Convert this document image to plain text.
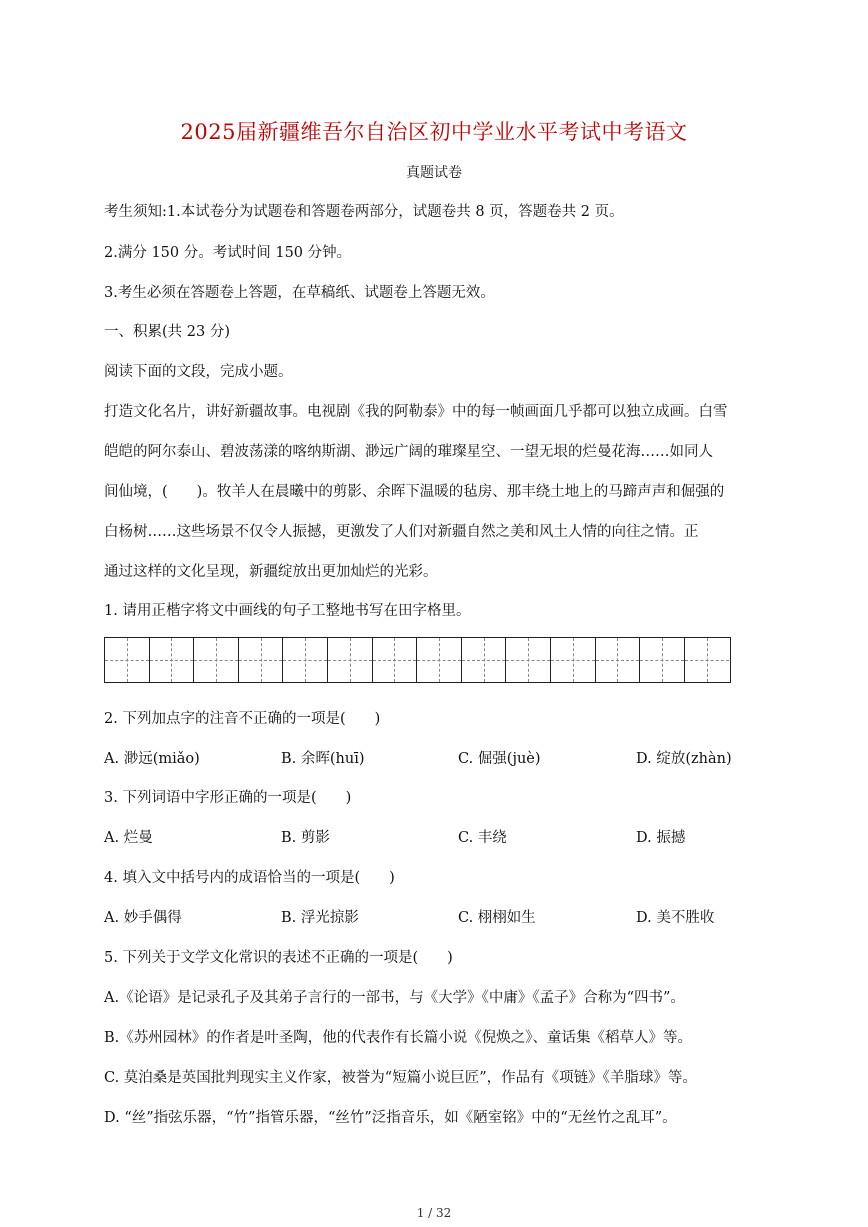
2025届新疆维吾尔自治区初中学业水平考试中考语文
真题试卷
考生须知:1.本试卷分为试题卷和答题卷两部分，试题卷共 8 页，答题卷共 2 页。
2.满分 150 分。考试时间 150 分钟。
3.考生必须在答题卷上答题，在草稿纸、试题卷上答题无效。
一、积累(共 23 分)
阅读下面的文段，完成小题。
打造文化名片，讲好新疆故事。电视剧《我的阿勒泰》中的每一帧画面几乎都可以独立成画。白雪
皑皑的阿尔泰山、碧波荡漾的喀纳斯湖、渺远广阔的璀璨星空、一望无垠的烂曼花海……如同人
间仙境，(　　)。牧羊人在晨曦中的剪影、余晖下温暖的毡房、那丰绕土地上的马蹄声声和倔强的
白杨树……这些场景不仅令人振撼，更激发了人们对新疆自然之美和风土人情的向往之情。正
通过这样的文化呈现，新疆绽放出更加灿烂的光彩。
1. 请用正楷字将文中画线的句子工整地书写在田字格里。
2. 下列加点字的注音不正确的一项是(　　)
A. 渺远(miǎo)	B. 余晖(huī)	C. 倔强(juè)	D. 绽放(zhàn)
3. 下列词语中字形正确的一项是(　　)
A. 烂曼	B. 剪影	C. 丰绕	D. 振撼
4. 填入文中括号内的成语恰当的一项是(　　)
A. 妙手偶得	B. 浮光掠影	C. 栩栩如生	D. 美不胜收
5. 下列关于文学文化常识的表述不正确的一项是(　　)
A.《论语》是记录孔子及其弟子言行的一部书，与《大学》《中庸》《孟子》合称为“四书”。
B.《苏州园林》的作者是叶圣陶，他的代表作有长篇小说《倪焕之》、童话集《稻草人》等。
C. 莫泊桑是英国批判现实主义作家，被誉为“短篇小说巨匠”，作品有《项链》《羊脂球》等。
D. “丝”指弦乐器，“竹”指管乐器，“丝竹”泛指音乐，如《陋室铭》中的“无丝竹之乱耳”。
1 / 32
